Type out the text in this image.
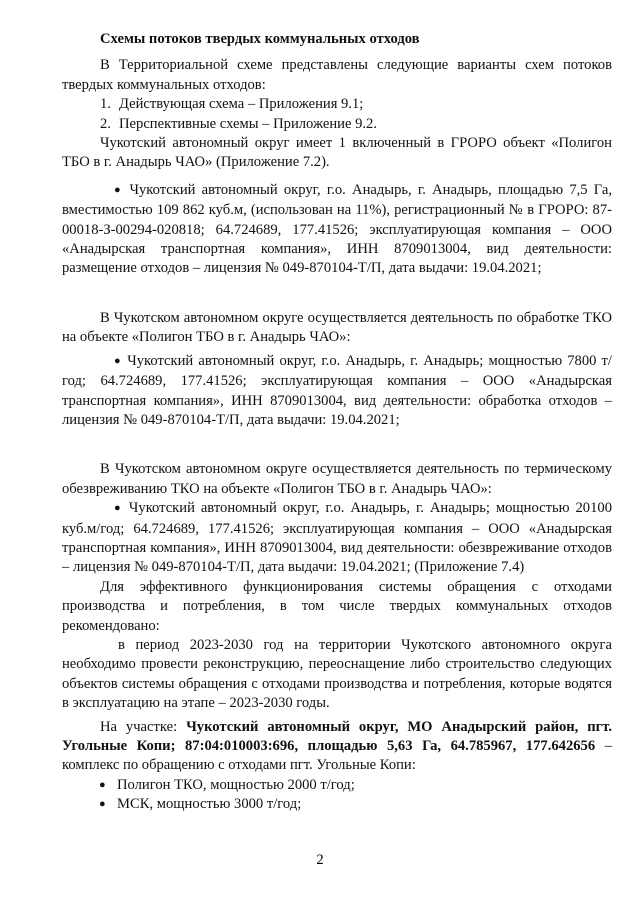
Схемы потоков твердых коммунальных отходов

В Территориальной схеме представлены следующие варианты схем потоков твердых коммунальных отходов:

1. Действующая схема – Приложения 9.1;

2. Перспективные схемы – Приложение 9.2.

Чукотский автономный округ имеет 1 включенный в ГРОРО объект «Полигон ТБО в г. Анадырь ЧАО» (Приложение 7.2).

● Чукотский автономный округ, г.о. Анадырь, г. Анадырь, площадью 7,5 Га, вместимостью 109 862 куб.м, (использован на 11%), регистрационный № в ГРОРО: 87-00018-З-00294-020818; 64.724689, 177.41526; эксплуатирующая компания – ООО «Анадырская транспортная компания», ИНН 8709013004, вид деятельности: размещение отходов – лицензия № 049-870104-Т/П, дата выдачи: 19.04.2021;

В Чукотском автономном округе осуществляется деятельность по обработке ТКО на объекте «Полигон ТБО в г. Анадырь ЧАО»:

● Чукотский автономный округ, г.о. Анадырь, г. Анадырь; мощностью 7800 т/год; 64.724689, 177.41526; эксплуатирующая компания – ООО «Анадырская транспортная компания», ИНН 8709013004, вид деятельности: обработка отходов – лицензия № 049-870104-Т/П, дата выдачи: 19.04.2021;

В Чукотском автономном округе осуществляется деятельность по термическому обезвреживанию ТКО на объекте «Полигон ТБО в г. Анадырь ЧАО»:

● Чукотский автономный округ, г.о. Анадырь, г. Анадырь; мощностью 20100 куб.м/год; 64.724689, 177.41526; эксплуатирующая компания – ООО «Анадырская транспортная компания», ИНН 8709013004, вид деятельности: обезвреживание отходов – лицензия № 049-870104-Т/П, дата выдачи: 19.04.2021; (Приложение 7.4)

Для эффективного функционирования системы обращения с отходами производства и потребления, в том числе твердых коммунальных отходов рекомендовано:

в период 2023-2030 год на территории Чукотского автономного округа необходимо провести реконструкцию, переоснащение либо строительство следующих объектов системы обращения с отходами производства и потребления, которые водятся в эксплуатацию на этапе – 2023-2030 годы.

На участке: Чукотский автономный округ, МО Анадырский район, пгт. Угольные Копи; 87:04:010003:696, площадью 5,63 Га, 64.785967, 177.642656 – комплекс по обращению с отходами пгт. Угольные Копи:

● Полигон ТКО, мощностью 2000 т/год;
● МСК, мощностью 3000 т/год;
2
